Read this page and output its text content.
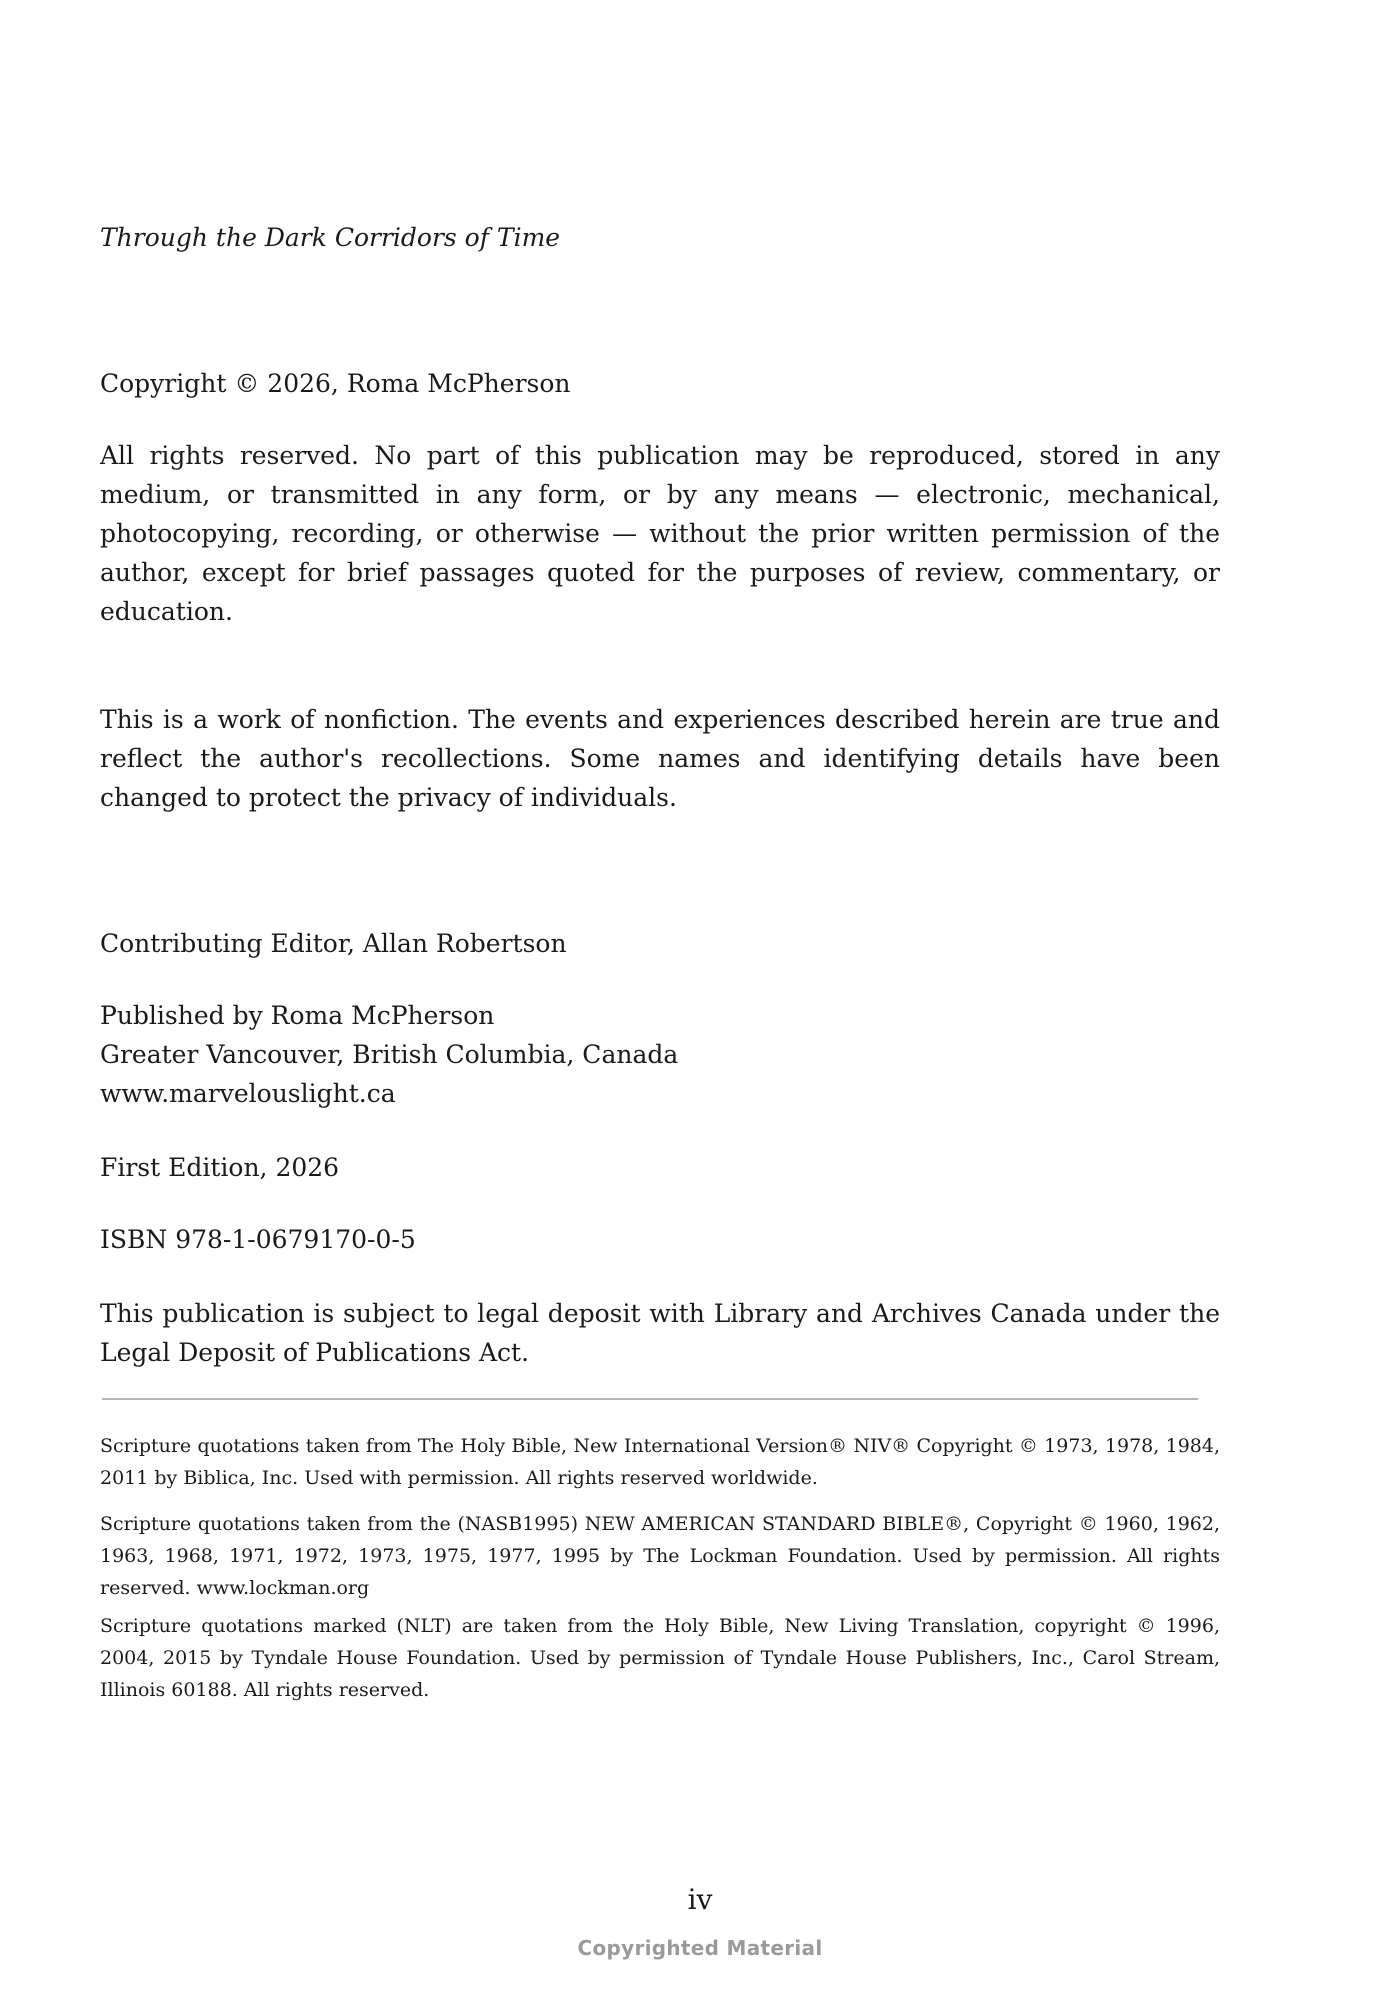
Through the Dark Corridors of Time

Copyright © 2026, Roma McPherson

All rights reserved. No part of this publication may be reproduced, stored in any medium, or transmitted in any form, or by any means — electronic, mechanical, photocopying, recording, or otherwise — without the prior written permission of the author, except for brief passages quoted for the purposes of review, commentary, or education.

This is a work of nonfiction. The events and experiences described herein are true and reflect the author's recollections. Some names and identifying details have been changed to protect the privacy of individuals.

Contributing Editor, Allan Robertson

Published by Roma McPherson
Greater Vancouver, British Columbia, Canada
www.marvelouslight.ca

First Edition, 2026

ISBN 978-1-0679170-0-5

This publication is subject to legal deposit with Library and Archives Canada under the Legal Deposit of Publications Act.

Scripture quotations taken from The Holy Bible, New International Version® NIV® Copyright © 1973, 1978, 1984, 2011 by Biblica, Inc. Used with permission. All rights reserved worldwide.

Scripture quotations taken from the (NASB1995) NEW AMERICAN STANDARD BIBLE®, Copyright © 1960, 1962, 1963, 1968, 1971, 1972, 1973, 1975, 1977, 1995 by The Lockman Foundation. Used by permission. All rights reserved. www.lockman.org

Scripture quotations marked (NLT) are taken from the Holy Bible, New Living Translation, copyright © 1996, 2004, 2015 by Tyndale House Foundation. Used by permission of Tyndale House Publishers, Inc., Carol Stream, Illinois 60188. All rights reserved.

iv
Copyrighted Material
